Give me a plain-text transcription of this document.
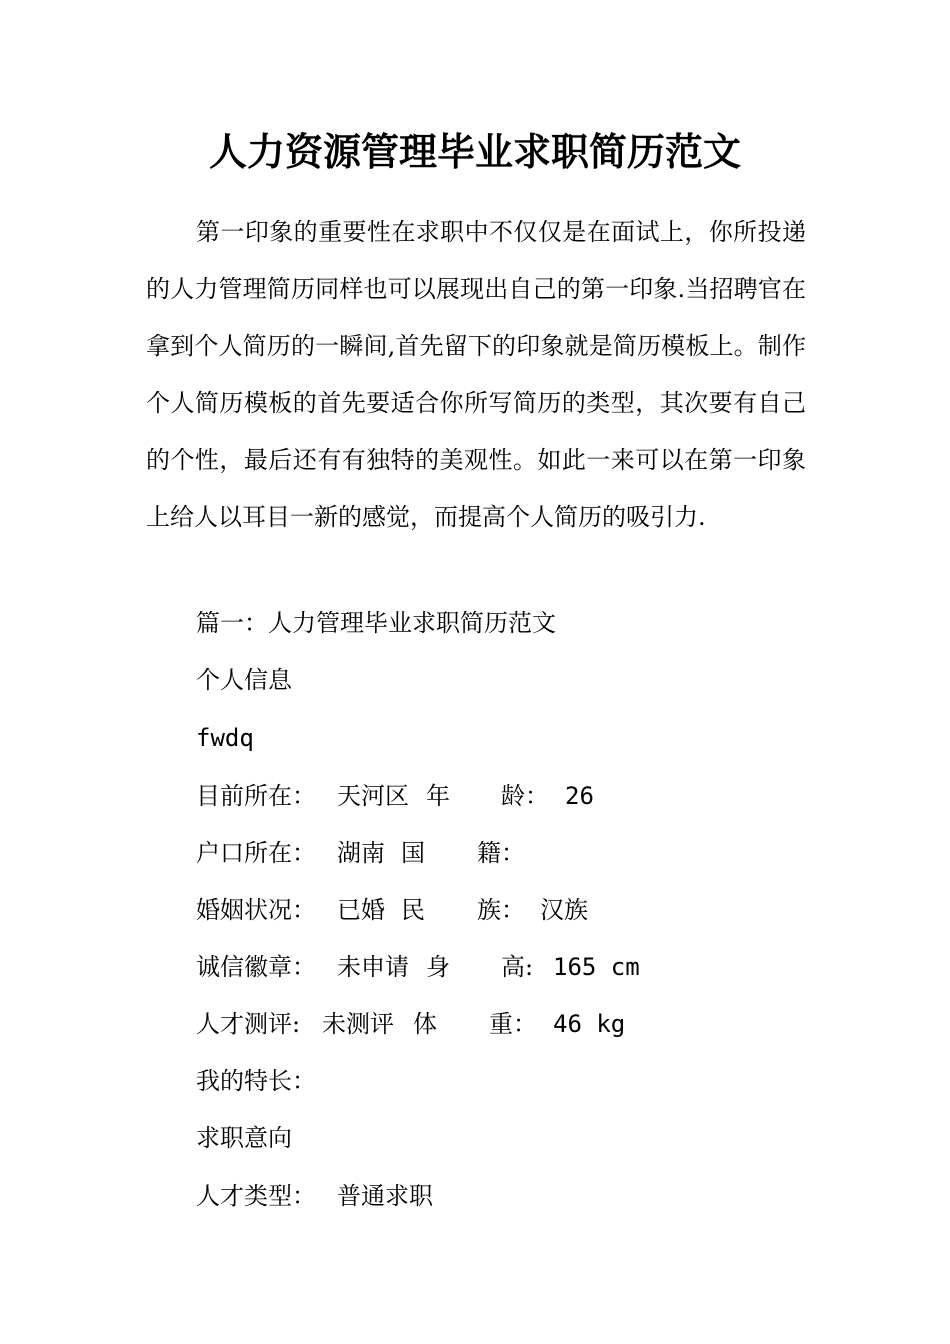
人力资源管理毕业求职简历范文

第一印象的重要性在求职中不仅仅是在面试上，你所投递的人力管理简历同样也可以展现出自己的第一印象.当招聘官在拿到个人简历的一瞬间,首先留下的印象就是简历模板上。制作个人简历模板的首先要适合你所写简历的类型，其次要有自己的个性，最后还有有独特的美观性。如此一来可以在第一印象上给人以耳目一新的感觉，而提高个人简历的吸引力.

篇一：人力管理毕业求职简历范文

个人信息

fwdq

目前所在： 天河区 年 龄： 26
户口所在： 湖南 国 籍：
婚姻状况： 已婚 民 族： 汉族
诚信徽章： 未申请 身 高: 165 cm
人才测评: 未测评 体 重： 46 kg

我的特长：

求职意向

人才类型： 普通求职
